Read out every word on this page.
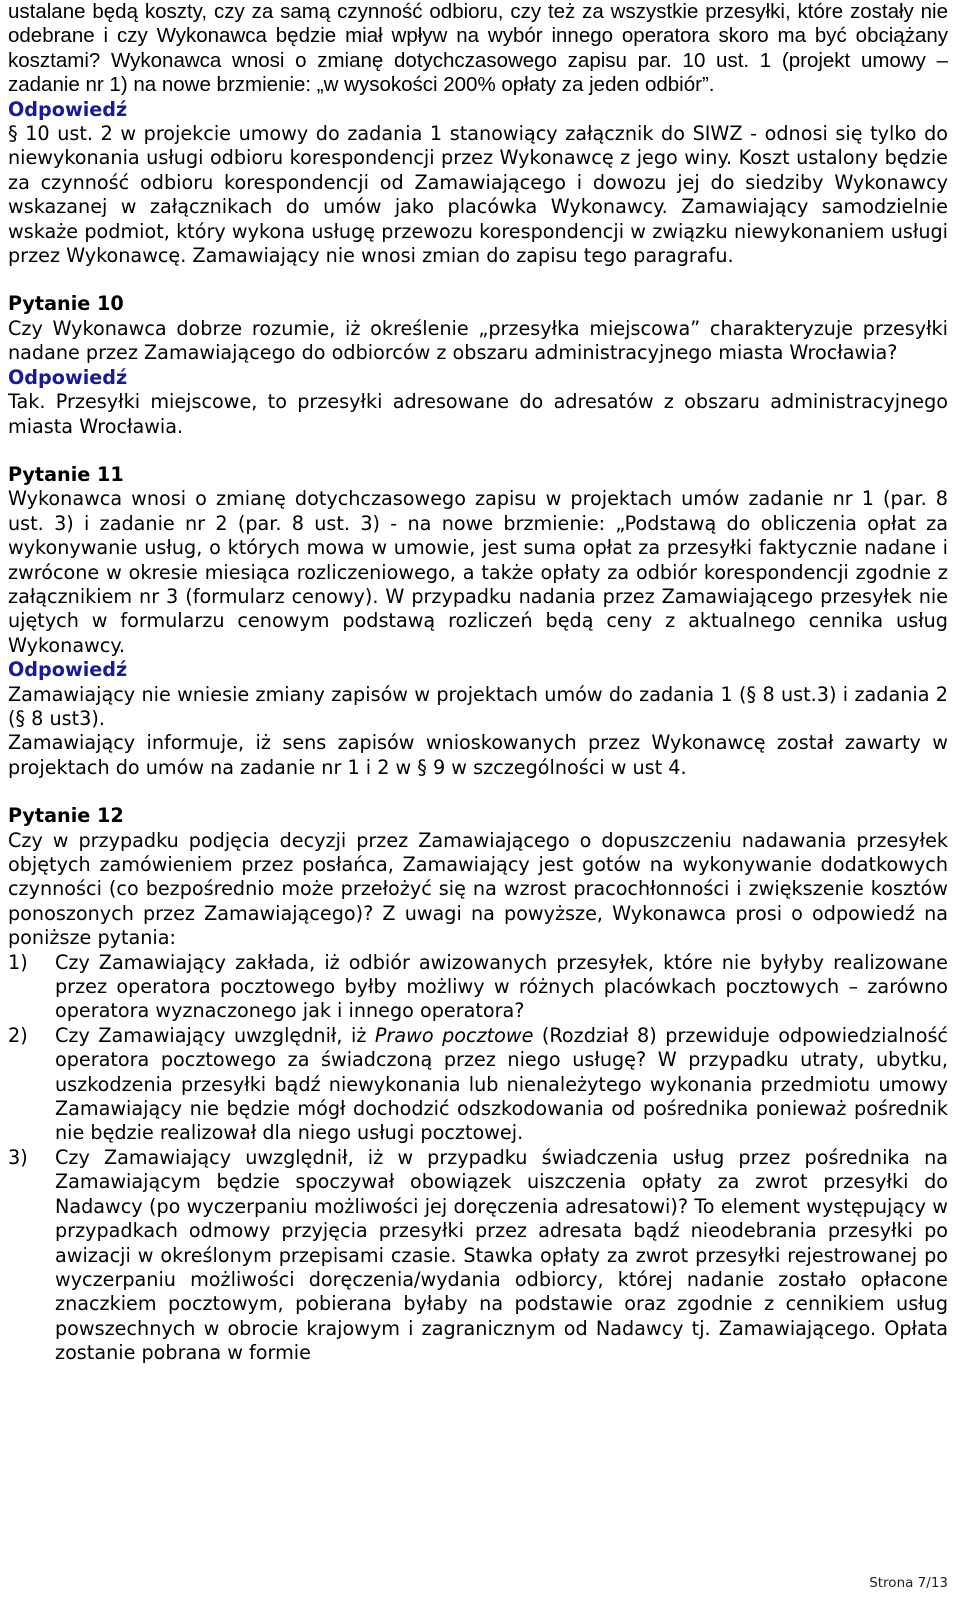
ustalane będą koszty, czy za samą czynność odbioru, czy też za wszystkie przesyłki, które zostały nie odebrane i czy Wykonawca będzie miał wpływ na wybór innego operatora skoro ma być obciążany kosztami? Wykonawca wnosi o zmianę dotychczasowego zapisu par. 10 ust. 1 (projekt umowy – zadanie nr 1) na nowe brzmienie: „w wysokości 200% opłaty za jeden odbiór”.

Odpowiedź

§ 10 ust. 2 w projekcie umowy do zadania 1 stanowiący załącznik do SIWZ - odnosi się tylko do niewykonania usługi odbioru korespondencji przez Wykonawcę z jego winy. Koszt ustalony będzie za czynność odbioru korespondencji od Zamawiającego i dowozu jej do siedziby Wykonawcy wskazanej w załącznikach do umów jako placówka Wykonawcy. Zamawiający samodzielnie wskaże podmiot, który wykona usługę przewozu korespondencji w związku niewykonaniem usługi przez Wykonawcę. Zamawiający nie wnosi zmian do zapisu tego paragrafu.

Pytanie 10

Czy Wykonawca dobrze rozumie, iż określenie „przesyłka miejscowa” charakteryzuje przesyłki nadane przez Zamawiającego do odbiorców z obszaru administracyjnego miasta Wrocławia?

Odpowiedź

Tak. Przesyłki miejscowe, to przesyłki adresowane do adresatów z obszaru administracyjnego miasta Wrocławia.

Pytanie 11

Wykonawca wnosi o zmianę dotychczasowego zapisu w projektach umów zadanie nr 1 (par. 8 ust. 3) i zadanie nr 2 (par. 8 ust. 3) - na nowe brzmienie: „Podstawą do obliczenia opłat za wykonywanie usług, o których mowa w umowie, jest suma opłat za przesyłki faktycznie nadane i zwrócone w okresie miesiąca rozliczeniowego, a także opłaty za odbiór korespondencji zgodnie z załącznikiem nr 3 (formularz cenowy). W przypadku nadania przez Zamawiającego przesyłek nie ujętych w formularzu cenowym podstawą rozliczeń będą ceny z aktualnego cennika usług Wykonawcy.

Odpowiedź

Zamawiający nie wniesie zmiany zapisów w projektach umów do zadania 1 (§ 8 ust.3) i zadania 2 (§ 8 ust3).

Zamawiający informuje, iż sens zapisów wnioskowanych przez Wykonawcę został zawarty w projektach do umów na zadanie nr 1 i 2 w § 9 w szczególności w ust 4.

Pytanie 12

Czy w przypadku podjęcia decyzji przez Zamawiającego o dopuszczeniu nadawania przesyłek objętych zamówieniem przez posłańca, Zamawiający jest gotów na wykonywanie dodatkowych czynności (co bezpośrednio może przełożyć się na wzrost pracochłonności i zwiększenie kosztów ponoszonych przez Zamawiającego)? Z uwagi na powyższe, Wykonawca prosi o odpowiedź na poniższe pytania:

1)	Czy Zamawiający zakłada, iż odbiór awizowanych przesyłek, które nie byłyby realizowane przez operatora pocztowego byłby możliwy w różnych placówkach pocztowych – zarówno operatora wyznaczonego jak i innego operatora?
2)	Czy Zamawiający uwzględnił, iż Prawo pocztowe (Rozdział 8) przewiduje odpowiedzialność operatora pocztowego za świadczoną przez niego usługę? W przypadku utraty, ubytku, uszkodzenia przesyłki bądź niewykonania lub nienależytego wykonania przedmiotu umowy Zamawiający nie będzie mógł dochodzić odszkodowania od pośrednika ponieważ pośrednik nie będzie realizował dla niego usługi pocztowej.
3)	Czy Zamawiający uwzględnił, iż w przypadku świadczenia usług przez pośrednika na Zamawiającym będzie spoczywał obowiązek uiszczenia opłaty za zwrot przesyłki do Nadawcy (po wyczerpaniu możliwości jej doręczenia adresatowi)? To element występujący w przypadkach odmowy przyjęcia przesyłki przez adresata bądź nieodebrania przesyłki po awizacji w określonym przepisami czasie. Stawka opłaty za zwrot przesyłki rejestrowanej po wyczerpaniu możliwości doręczenia/wydania odbiorcy, której nadanie zostało opłacone znaczkiem pocztowym, pobierana byłaby na podstawie oraz zgodnie z cennikiem usług powszechnych w obrocie krajowym i zagranicznym od Nadawcy tj. Zamawiającego. Opłata zostanie pobrana w formie
Strona 7/13
